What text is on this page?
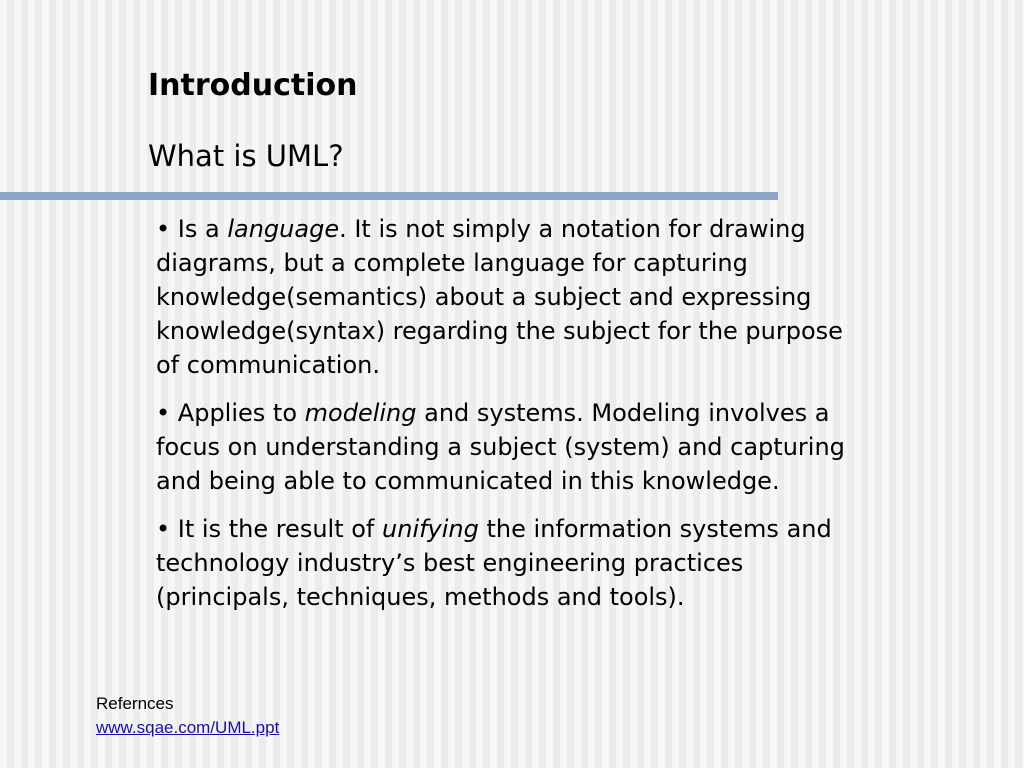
Introduction
What is UML?
• Is a language. It is not simply a notation for drawing diagrams, but a complete language for capturing knowledge(semantics) about a subject and expressing knowledge(syntax) regarding the subject for the purpose of communication.
• Applies to modeling and systems. Modeling involves a focus on understanding a subject (system) and capturing and being able to communicated in this knowledge.
• It is the result of unifying the information systems and technology industry’s best engineering practices (principals, techniques, methods and tools).
Refernces
www.sqae.com/UML.ppt
